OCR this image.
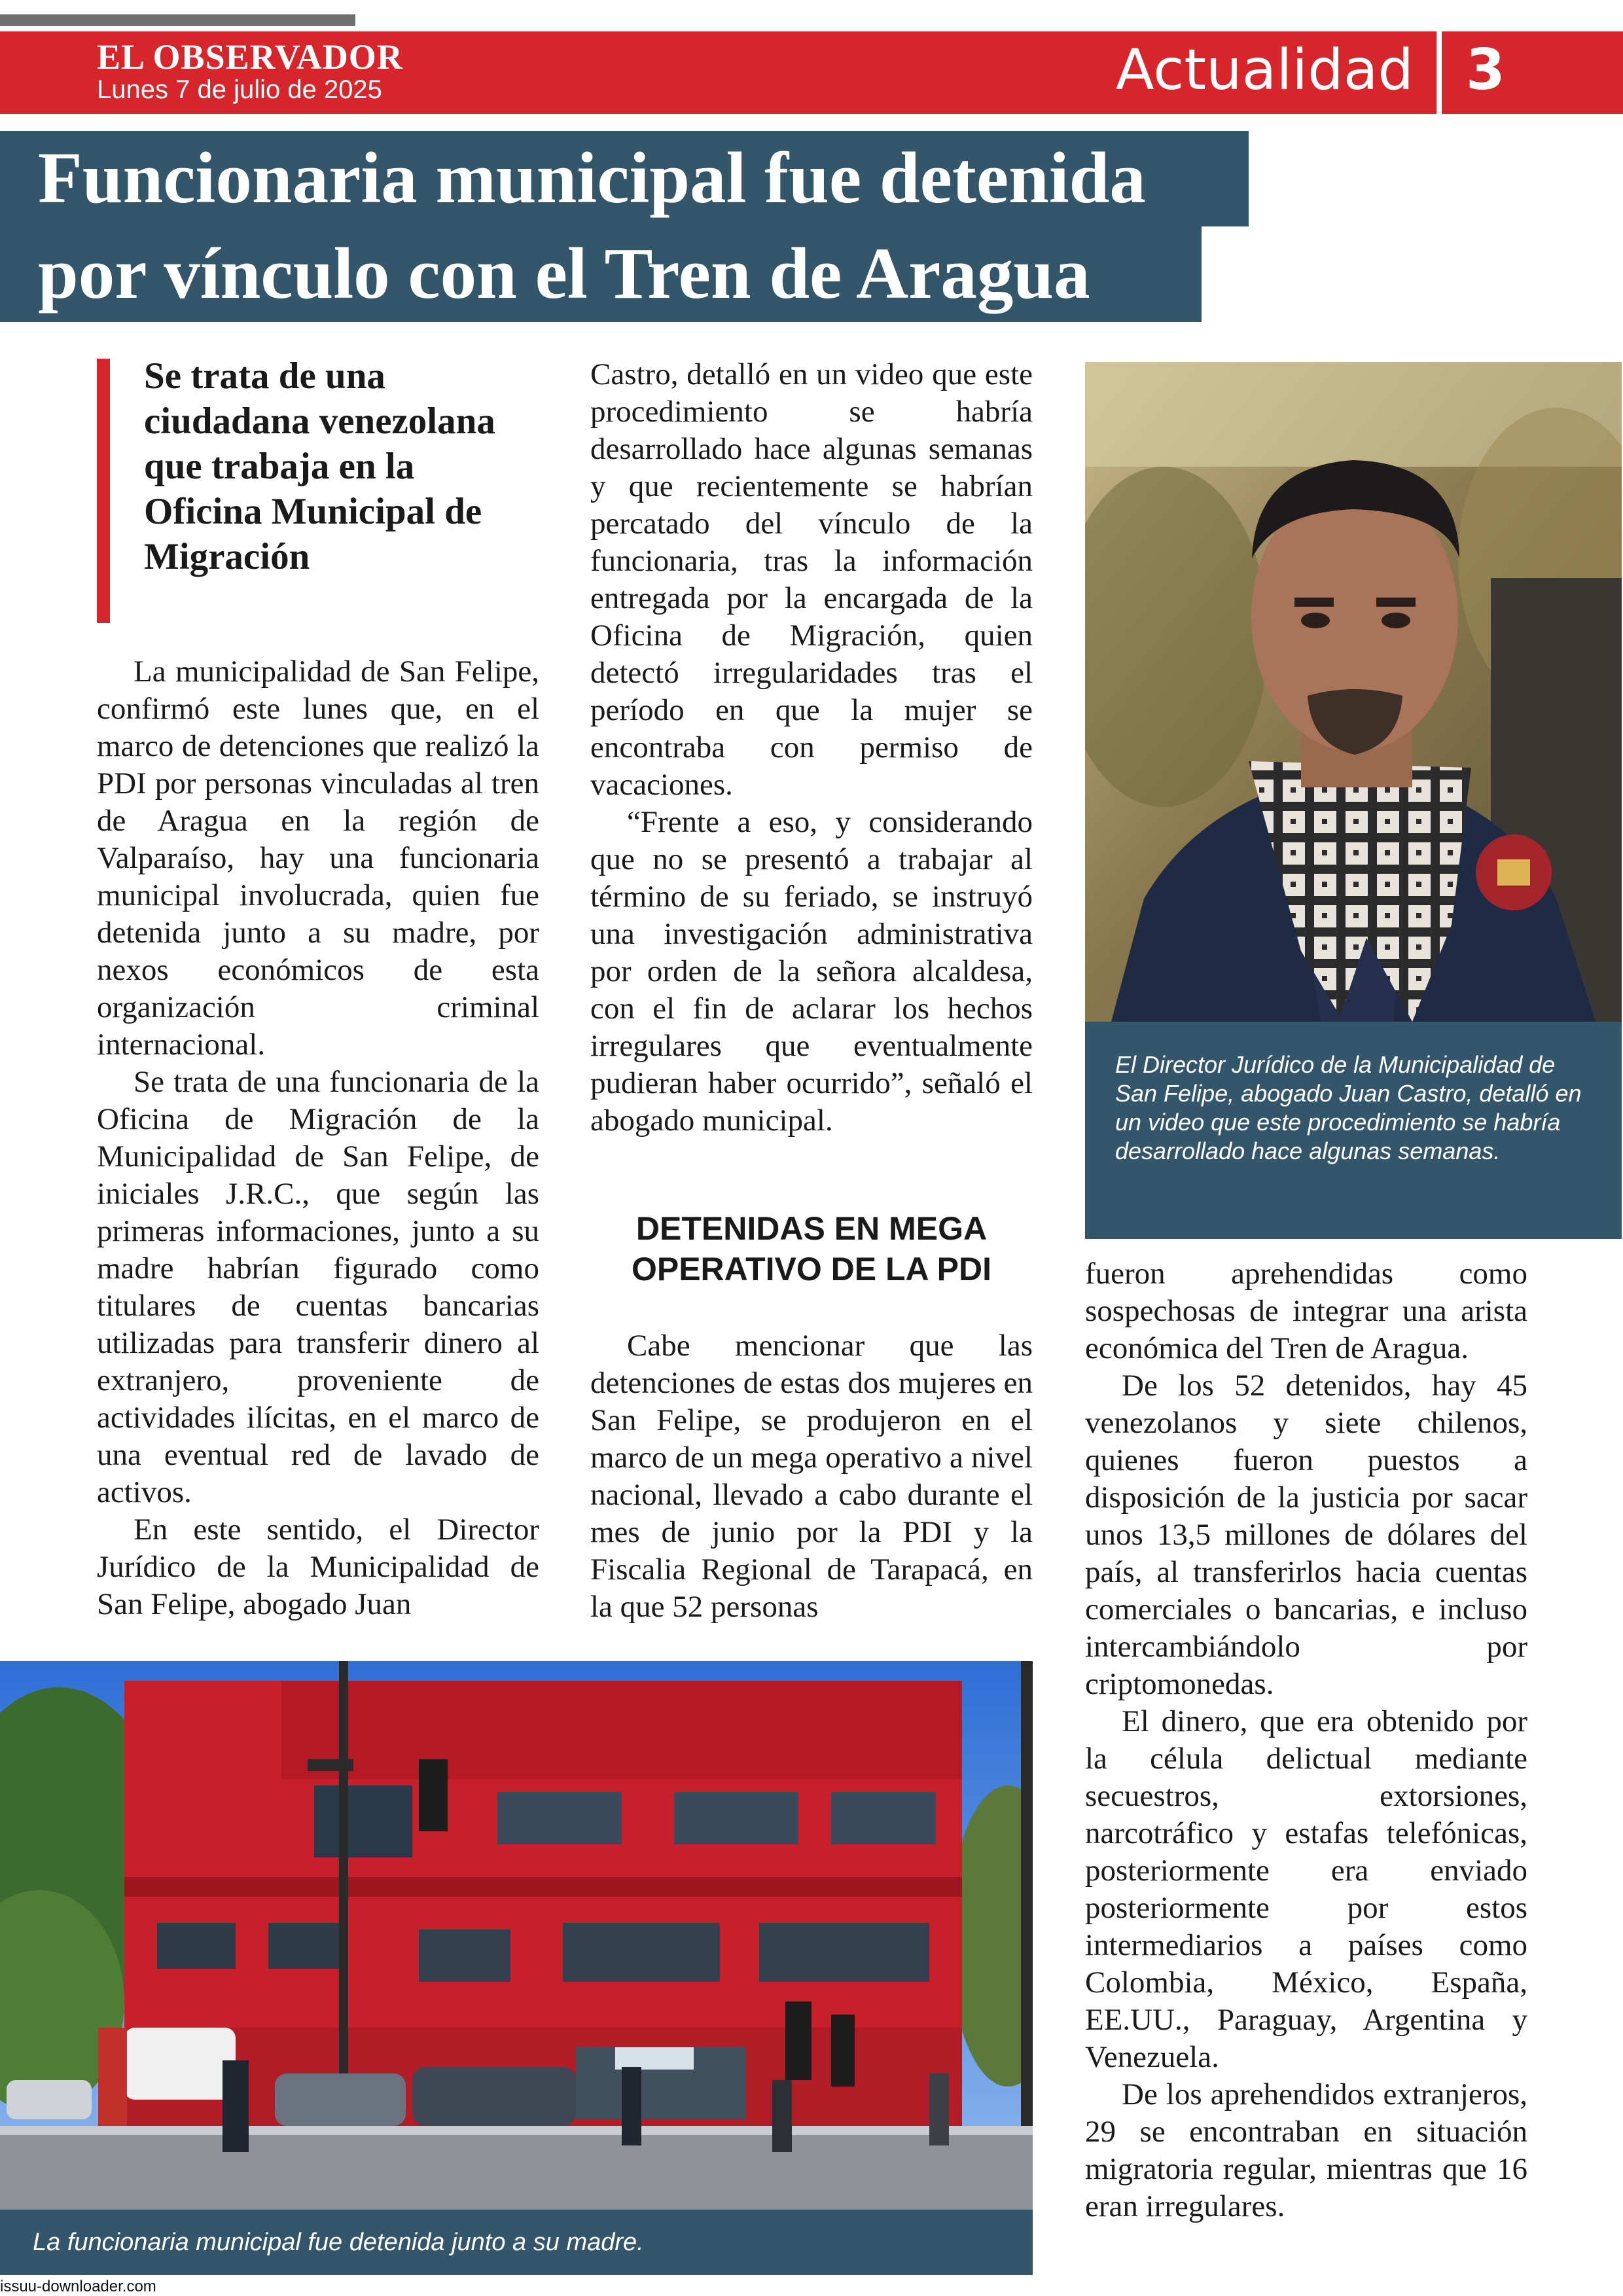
EL OBSERVADOR
Lunes 7 de julio de 2025	Actualidad 3
Funcionaria municipal fue detenida
por vínculo con el Tren de Aragua
Se trata de una ciudadana venezolana que trabaja en la Oficina Municipal de Migración

La municipalidad de San Felipe, confirmó este lunes que, en el marco de detenciones que realizó la PDI por personas vinculadas al tren de Aragua en la región de Valparaíso, hay una funcionaria municipal involucrada, quien fue detenida junto a su madre, por nexos económicos de esta organización criminal internacional.

Se trata de una funcionaria de la Oficina de Migración de la Municipalidad de San Felipe, de iniciales J.R.C., que según las primeras informaciones, junto a su madre habrían figurado como titulares de cuentas bancarias utilizadas para transferir dinero al extranjero, proveniente de actividades ilícitas, en el marco de una eventual red de lavado de activos.

En este sentido, el Director Jurídico de la Municipalidad de San Felipe, abogado Juan

Castro, detalló en un video que este procedimiento se habría desarrollado hace algunas semanas y que recientemente se habrían percatado del vínculo de la funcionaria, tras la información entregada por la encargada de la Oficina de Migración, quien detectó irregularidades tras el período en que la mujer se encontraba con permiso de vacaciones.

“Frente a eso, y considerando que no se presentó a trabajar al término de su feriado, se instruyó una investigación administrativa por orden de la señora alcaldesa, con el fin de aclarar los hechos irregulares que eventualmente pudieran haber ocurrido”, señaló el abogado municipal.

DETENIDAS EN MEGA OPERATIVO DE LA PDI

Cabe mencionar que las detenciones de estas dos mujeres en San Felipe, se produjeron en el marco de un mega operativo a nivel nacional, llevado a cabo durante el mes de junio por la PDI y la Fiscalia Regional de Tarapacá, en la que 52 personas

El Director Jurídico de la Municipalidad de San Felipe, abogado Juan Castro, detalló en un video que este procedimiento se habría desarrollado hace algunas semanas.

fueron aprehendidas como sospechosas de integrar una arista económica del Tren de Aragua.

De los 52 detenidos, hay 45 venezolanos y siete chilenos, quienes fueron puestos a disposición de la justicia por sacar unos 13,5 millones de dólares del país, al transferirlos hacia cuentas comerciales o bancarias, e incluso intercambiándolo por criptomonedas.

El dinero, que era obtenido por la célula delictual mediante secuestros, extorsiones, narcotráfico y estafas telefónicas, posteriormente era enviado posteriormente por estos intermediarios a países como Colombia, México, España, EE.UU., Paraguay, Argentina y Venezuela.

De los aprehendidos extranjeros, 29 se encontraban en situación migratoria regular, mientras que 16 eran irregulares.

La funcionaria municipal fue detenida junto a su madre.
issuu-downloader.com
